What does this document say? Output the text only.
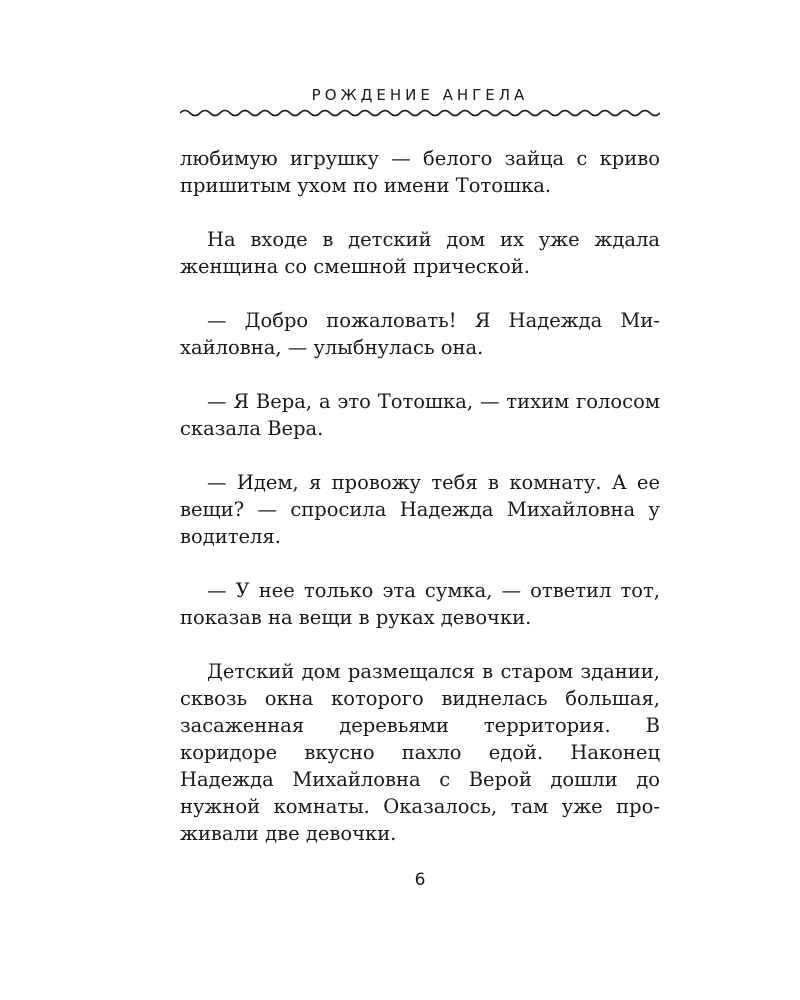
РОЖДЕНИЕ АНГЕЛА

любимую игрушку — белого зайца с криво пришитым ухом по имени Тотошка.

На входе в детский дом их уже ждала женщина со смешной прической.

— Добро пожаловать! Я Надежда Михайловна, — улыбнулась она.

— Я Вера, а это Тотошка, — тихим голосом сказала Вера.

— Идем, я провожу тебя в комнату. А ее вещи? — спросила Надежда Михайловна у водителя.

— У нее только эта сумка, — ответил тот, показав на вещи в руках девочки.

Детский дом размещался в старом здании, сквозь окна которого виднелась большая, засаженная деревьями территория. В коридоре вкусно пахло едой. Наконец Надежда Михайловна с Верой дошли до нужной комнаты. Оказалось, там уже проживали две девочки.

6
